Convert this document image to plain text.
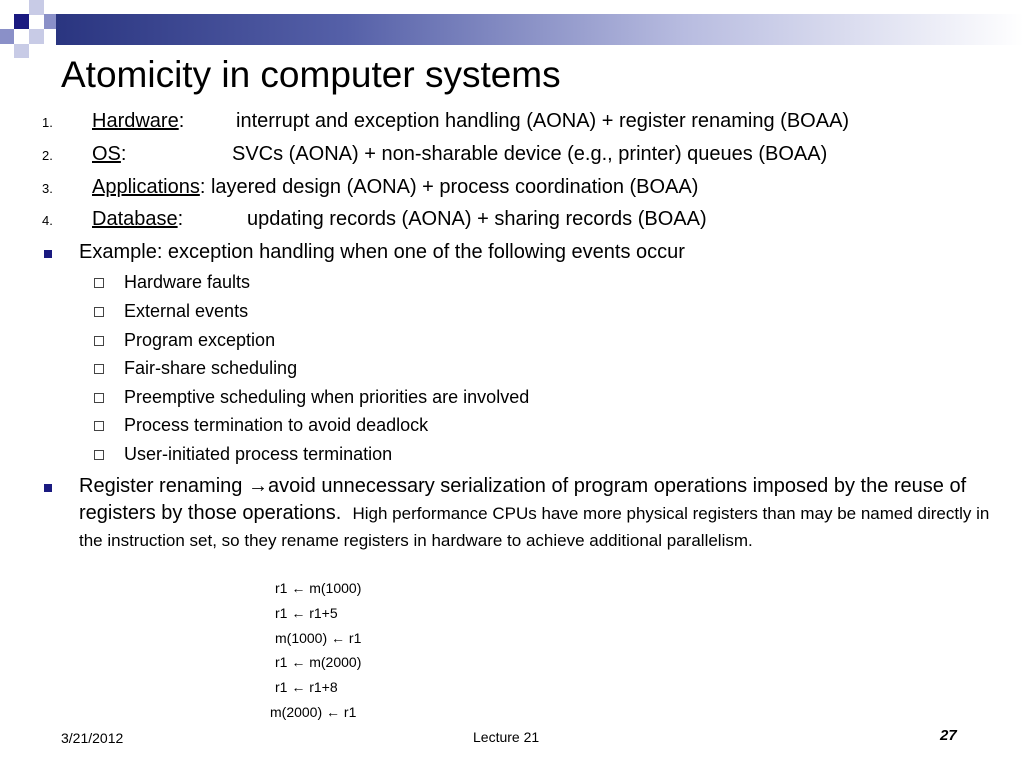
Atomicity in computer systems
1. Hardware:	interrupt and exception handling (AONA) + register renaming (BOAA)
2. OS:	SVCs (AONA) + non-sharable device (e.g., printer) queues (BOAA)
3. Applications: layered design (AONA) + process coordination (BOAA)
4. Database:	updating records (AONA) + sharing records (BOAA)
Example: exception handling when one of the following events occur
Hardware faults
External events
Program exception
Fair-share scheduling
Preemptive scheduling when priorities are involved
Process termination to avoid deadlock
User-initiated process termination
Register renaming →avoid unnecessary serialization of program operations imposed by the reuse of registers by those operations. High performance CPUs have more physical registers than may be named directly in the instruction set, so they rename registers in hardware to achieve additional parallelism.
r1 ← m(1000)
r1 ← r1+5
m(1000) ← r1
r1 ← m(2000)
r1 ← r1+8
m(2000) ← r1
3/21/2012	Lecture 21	27
